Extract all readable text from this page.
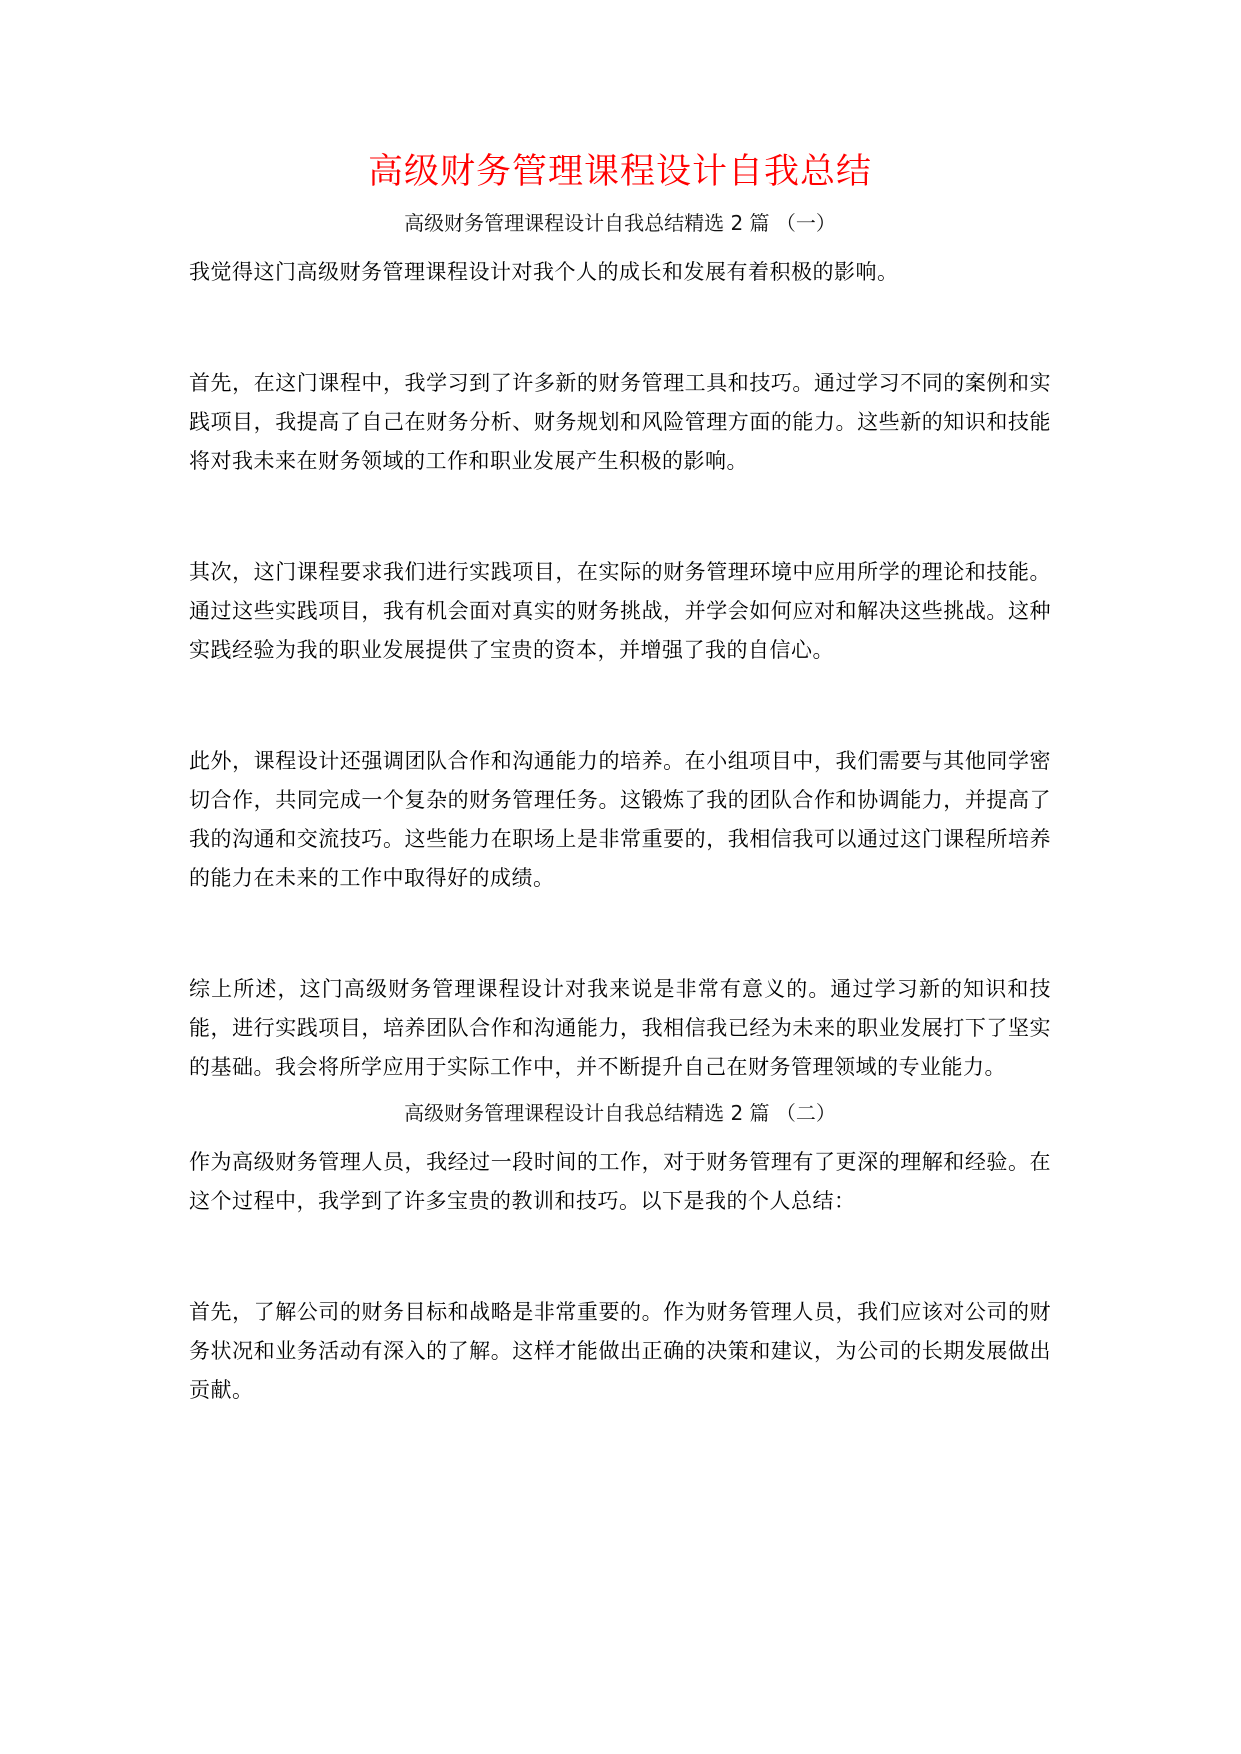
高级财务管理课程设计自我总结
高级财务管理课程设计自我总结精选 2 篇 （一）

我觉得这门高级财务管理课程设计对我个人的成长和发展有着积极的影响。

首先，在这门课程中，我学习到了许多新的财务管理工具和技巧。通过学习不同的案例和实践项目，我提高了自己在财务分析、财务规划和风险管理方面的能力。这些新的知识和技能将对我未来在财务领域的工作和职业发展产生积极的影响。

其次，这门课程要求我们进行实践项目，在实际的财务管理环境中应用所学的理论和技能。通过这些实践项目，我有机会面对真实的财务挑战，并学会如何应对和解决这些挑战。这种实践经验为我的职业发展提供了宝贵的资本，并增强了我的自信心。

此外，课程设计还强调团队合作和沟通能力的培养。在小组项目中，我们需要与其他同学密切合作，共同完成一个复杂的财务管理任务。这锻炼了我的团队合作和协调能力，并提高了我的沟通和交流技巧。这些能力在职场上是非常重要的，我相信我可以通过这门课程所培养的能力在未来的工作中取得好的成绩。

综上所述，这门高级财务管理课程设计对我来说是非常有意义的。通过学习新的知识和技能，进行实践项目，培养团队合作和沟通能力，我相信我已经为未来的职业发展打下了坚实的基础。我会将所学应用于实际工作中，并不断提升自己在财务管理领域的专业能力。

高级财务管理课程设计自我总结精选 2 篇 （二）

作为高级财务管理人员，我经过一段时间的工作，对于财务管理有了更深的理解和经验。在这个过程中，我学到了许多宝贵的教训和技巧。以下是我的个人总结：

首先，了解公司的财务目标和战略是非常重要的。作为财务管理人员，我们应该对公司的财务状况和业务活动有深入的了解。这样才能做出正确的决策和建议，为公司的长期发展做出贡献。
